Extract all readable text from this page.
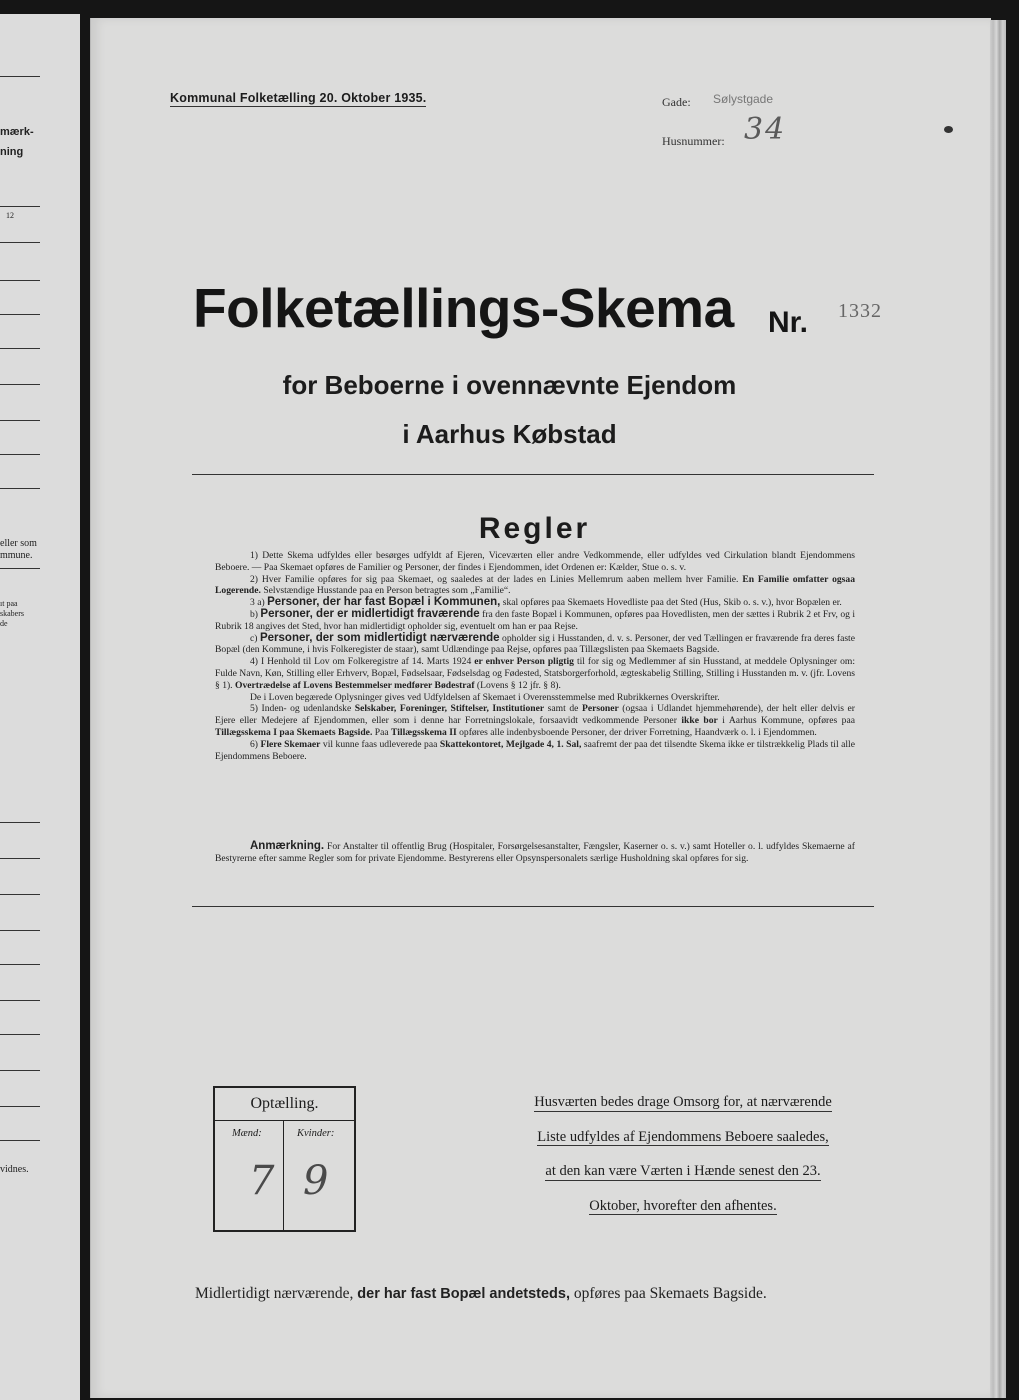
mærk-
ning
12
eller som
mmune.
ıt paa
skabers
de
vidnes.
Kommunal Folketælling 20. Oktober 1935.	Gade: Sølystgade
Husnummer: 34
Folketællings-Skema Nr. 1332
for Beboerne i ovennævnte Ejendom
i Aarhus Købstad
Regler

1) Dette Skema udfyldes eller besørges udfyldt af Ejeren, Viceværten eller andre Vedkommende, eller udfyldes ved Cirkulation blandt Ejendommens Beboere. — Paa Skemaet opføres de Familier og Personer, der findes i Ejendommen, idet Ordenen er: Kælder, Stue o. s. v.

2) Hver Familie opføres for sig paa Skemaet, og saaledes at der lades en Linies Mellemrum aaben mellem hver Familie. En Familie omfatter ogsaa Logerende. Selvstændige Husstande paa en Person betragtes som „Familie“.

3 a) Personer, der har fast Bopæl i Kommunen, skal opføres paa Skemaets Hovedliste paa det Sted (Hus, Skib o. s. v.), hvor Bopælen er.

b) Personer, der er midlertidigt fraværende fra den faste Bopæl i Kommunen, opføres paa Hovedlisten, men der sættes i Rubrik 2 et Frv, og i Rubrik 18 angives det Sted, hvor han midlertidigt opholder sig, eventuelt om han er paa Rejse.

c) Personer, der som midlertidigt nærværende opholder sig i Husstanden, d. v. s. Personer, der ved Tællingen er fraværende fra deres faste Bopæl (den Kommune, i hvis Folkeregister de staar), samt Udlændinge paa Rejse, opføres paa Tillægslisten paa Skemaets Bagside.

4) I Henhold til Lov om Folkeregistre af 14. Marts 1924 er enhver Person pligtig til for sig og Medlemmer af sin Husstand, at meddele Oplysninger om: Fulde Navn, Køn, Stilling eller Erhverv, Bopæl, Fødselsaar, Fødselsdag og Fødested, Statsborgerforhold, ægteskabelig Stilling, Stilling i Husstanden m. v. (jfr. Lovens § 1). Overtrædelse af Lovens Bestemmelser medfører Bødestraf (Lovens § 12 jfr. § 8).

De i Loven begærede Oplysninger gives ved Udfyldelsen af Skemaet i Overensstemmelse med Rubrikkernes Overskrifter.

5) Inden- og udenlandske Selskaber, Foreninger, Stiftelser, Institutioner samt de Personer (ogsaa i Udlandet hjemmehørende), der helt eller delvis er Ejere eller Medejere af Ejendommen, eller som i denne har Forretningslokale, forsaavidt vedkommende Personer ikke bor i Aarhus Kommune, opføres paa Tillægsskema I paa Skemaets Bagside. Paa Tillægsskema II opføres alle indenbysboende Personer, der driver Forretning, Haandværk o. l. i Ejendommen.

6) Flere Skemaer vil kunne faas udleverede paa Skattekontoret, Mejlgade 4, 1. Sal, saafremt der paa det tilsendte Skema ikke er tilstrækkelig Plads til alle Ejendommens Beboere.

Anmærkning. For Anstalter til offentlig Brug (Hospitaler, Forsørgelsesanstalter, Fængsler, Kaserner o. s. v.) samt Hoteller o. l. udfyldes Skemaerne af Bestyrerne efter samme Regler som for private Ejendomme. Bestyrerens eller Opsynspersonalets særlige Husholdning skal opføres for sig.
Optælling.
Mænd:	Kvinder:
7 9
Husværten bedes drage Omsorg for, at nærværende
Liste udfyldes af Ejendommens Beboere saaledes,
at den kan være Værten i Hænde senest den 23.
Oktober, hvorefter den afhentes.
Midlertidigt nærværende, der har fast Bopæl andetsteds, opføres paa Skemaets Bagside.
